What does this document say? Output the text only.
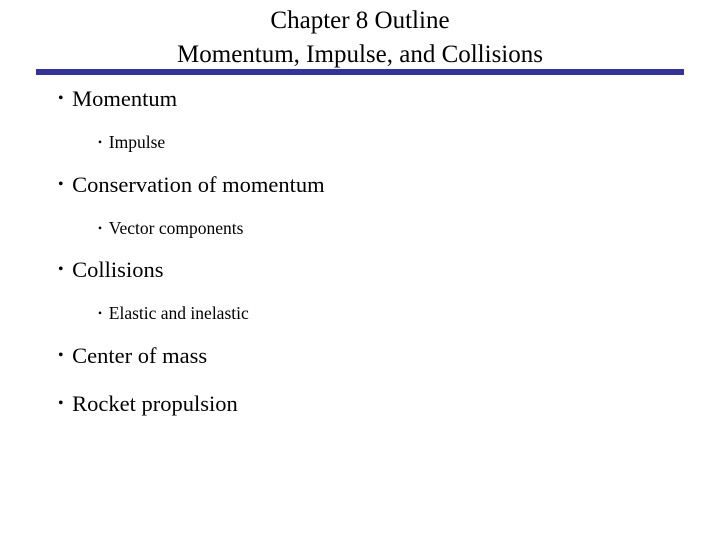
Chapter 8 Outline
Momentum, Impulse, and Collisions
• Momentum
• Impulse
• Conservation of momentum
• Vector components
• Collisions
• Elastic and inelastic
• Center of mass
• Rocket propulsion
